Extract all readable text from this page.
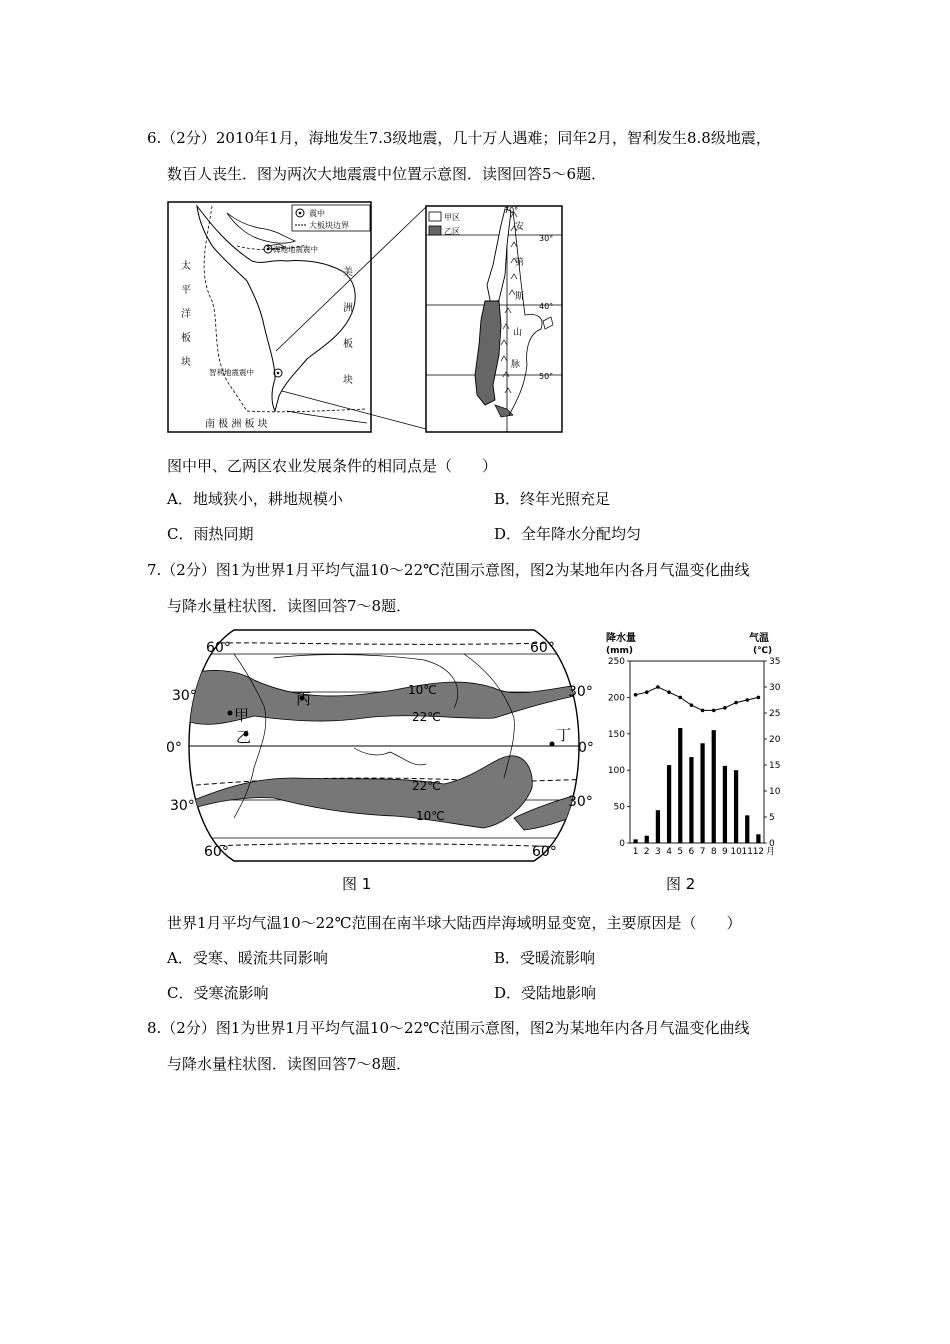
6.（2分）2010年1月，海地发生7.3级地震，几十万人遇难；同年2月，智利发生8.8级地震，
数百人丧生．图为两次大地震震中位置示意图．读图回答5～6题．
震中
大板块边界
海地地震震中
智利地震震中
太
平
洋
板
块
美
洲
板
块
南 极 洲 板 块
甲区
乙区
70°
30°
40°
50°
安
第
斯
山
脉
图中甲、乙两区农业发展条件的相同点是（　　）
A．地域狭小，耕地规模小	B．终年光照充足
C．雨热同期	D．全年降水分配均匀
7.（2分）图1为世界1月平均气温10～22℃范围示意图，图2为某地年内各月气温变化曲线
与降水量柱状图．读图回答7～8题．
60°	60°
30°	30°
0°	0°
30°	30°
60°	60°
甲
乙
丙
丁
10℃
22℃
22℃
10℃
图 1
降水量
(mm)
气温
(℃)
0
50
100
150
200
250
0
5
10
15
20
25
30
35
1 2 3 4 5 6 7 8 9 10 11 12 月
图 2
世界1月平均气温10～22℃范围在南半球大陆西岸海域明显变宽，主要原因是（　　）
A．受寒、暖流共同影响	B．受暖流影响
C．受寒流影响	D．受陆地影响
8.（2分）图1为世界1月平均气温10～22℃范围示意图，图2为某地年内各月气温变化曲线
与降水量柱状图．读图回答7～8题．
